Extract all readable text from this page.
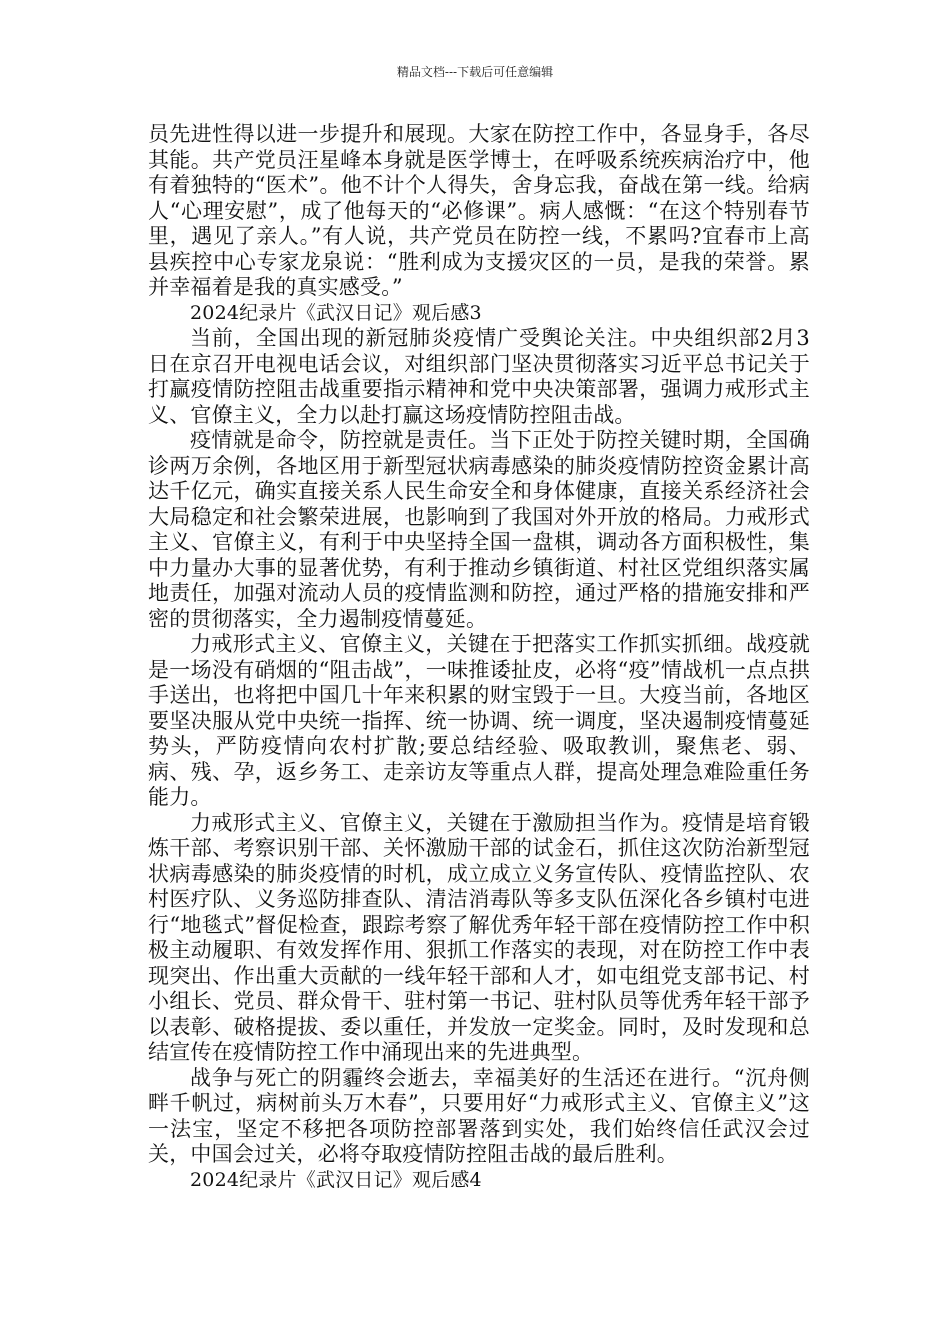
精品文档---下载后可任意编辑

员先进性得以进一步提升和展现。大家在防控工作中，各显身手，各尽其能。共产党员汪星峰本身就是医学博士，在呼吸系统疾病治疗中，他有着独特的“医术”。他不计个人得失，舍身忘我，奋战在第一线。给病人“心理安慰”，成了他每天的“必修课”。病人感慨：“在这个特别春节里，遇见了亲人。”有人说，共产党员在防控一线，不累吗?宜春市上高县疾控中心专家龙泉说：“胜利成为支援灾区的一员，是我的荣誉。累并幸福着是我的真实感受。”

2024纪录片《武汉日记》观后感3

当前，全国出现的新冠肺炎疫情广受舆论关注。中央组织部2月3日在京召开电视电话会议，对组织部门坚决贯彻落实习近平总书记关于打赢疫情防控阻击战重要指示精神和党中央决策部署，强调力戒形式主义、官僚主义，全力以赴打赢这场疫情防控阻击战。

疫情就是命令，防控就是责任。当下正处于防控关键时期，全国确诊两万余例，各地区用于新型冠状病毒感染的肺炎疫情防控资金累计高达千亿元，确实直接关系人民生命安全和身体健康，直接关系经济社会大局稳定和社会繁荣进展，也影响到了我国对外开放的格局。力戒形式主义、官僚主义，有利于中央坚持全国一盘棋，调动各方面积极性，集中力量办大事的显著优势，有利于推动乡镇街道、村社区党组织落实属地责任，加强对流动人员的疫情监测和防控，通过严格的措施安排和严密的贯彻落实，全力遏制疫情蔓延。

力戒形式主义、官僚主义，关键在于把落实工作抓实抓细。战疫就是一场没有硝烟的“阻击战”，一味推诿扯皮，必将“疫”情战机一点点拱手送出，也将把中国几十年来积累的财宝毁于一旦。大疫当前，各地区要坚决服从党中央统一指挥、统一协调、统一调度，坚决遏制疫情蔓延势头，严防疫情向农村扩散;要总结经验、吸取教训，聚焦老、弱、病、残、孕，返乡务工、走亲访友等重点人群，提高处理急难险重任务能力。

力戒形式主义、官僚主义，关键在于激励担当作为。疫情是培育锻炼干部、考察识别干部、关怀激励干部的试金石，抓住这次防治新型冠状病毒感染的肺炎疫情的时机，成立成立义务宣传队、疫情监控队、农村医疗队、义务巡防排查队、清洁消毒队等多支队伍深化各乡镇村屯进行“地毯式”督促检查，跟踪考察了解优秀年轻干部在疫情防控工作中积极主动履职、有效发挥作用、狠抓工作落实的表现，对在防控工作中表现突出、作出重大贡献的一线年轻干部和人才，如屯组党支部书记、村小组长、党员、群众骨干、驻村第一书记、驻村队员等优秀年轻干部予以表彰、破格提拔、委以重任，并发放一定奖金。同时，及时发现和总结宣传在疫情防控工作中涌现出来的先进典型。

战争与死亡的阴霾终会逝去，幸福美好的生活还在进行。“沉舟侧畔千帆过，病树前头万木春”，只要用好“力戒形式主义、官僚主义”这一法宝，坚定不移把各项防控部署落到实处，我们始终信任武汉会过关，中国会过关，必将夺取疫情防控阻击战的最后胜利。

2024纪录片《武汉日记》观后感4
